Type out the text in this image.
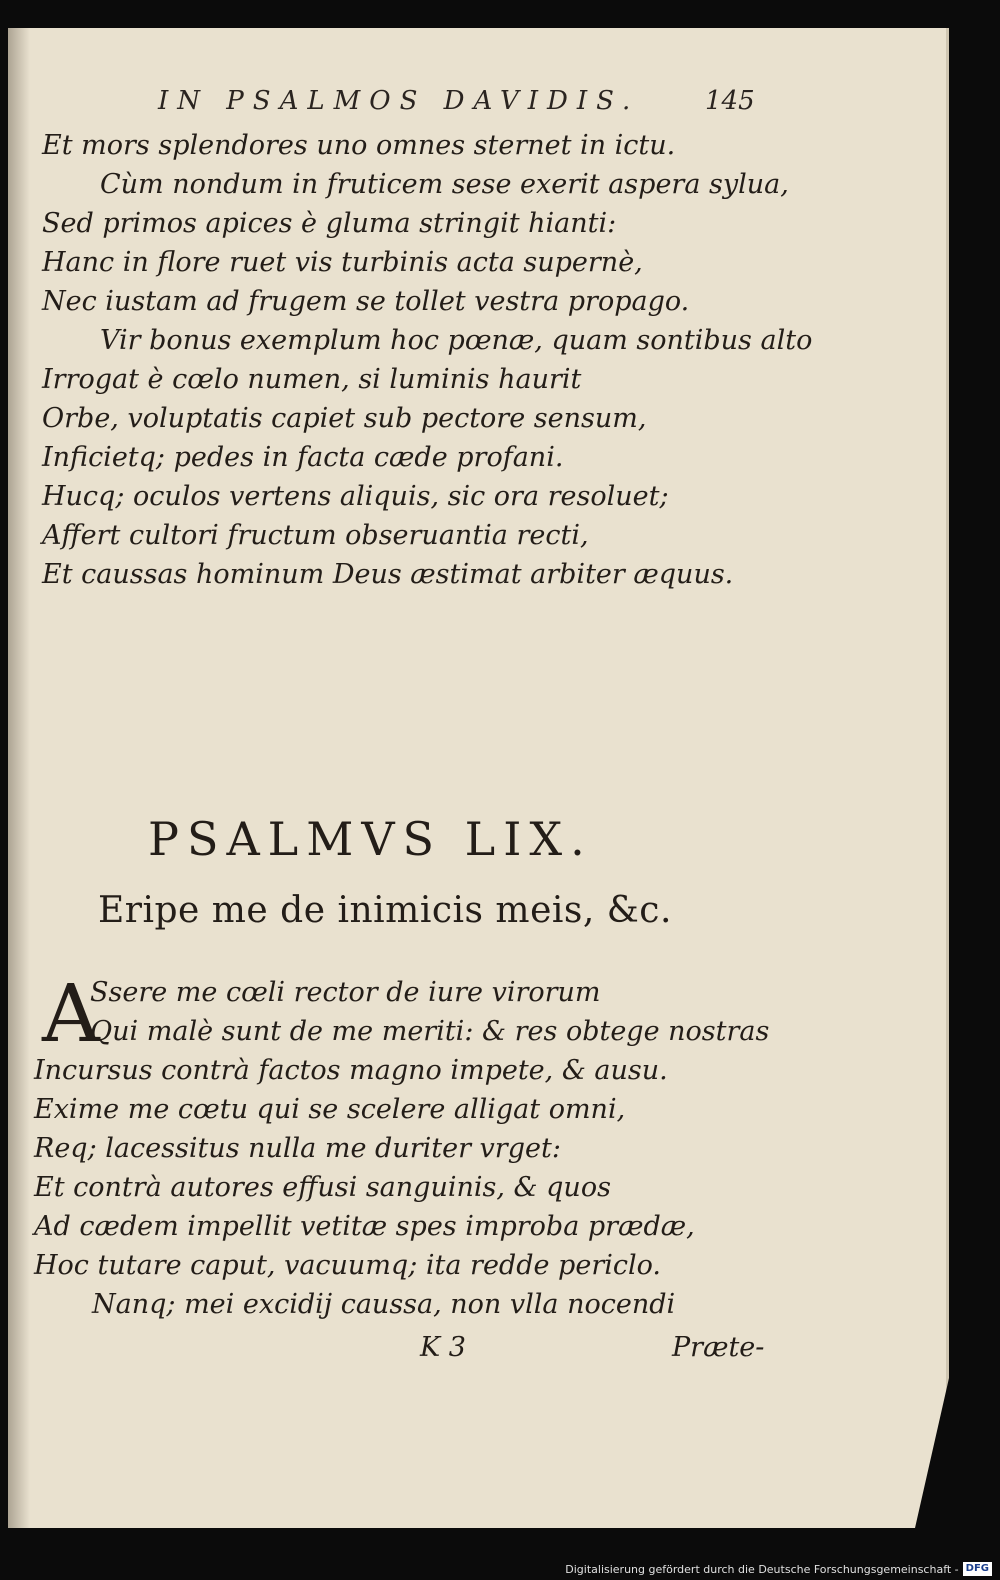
IN PSALMOS DAVIDIS.	145
Et mors splendores uno omnes sternet in ictu.
Cùm nondum in fruticem sese exerit aspera sylua,
Sed primos apices è gluma stringit hianti:
Hanc in flore ruet vis turbinis acta supernè,
Nec iustam ad frugem se tollet vestra propago.
Vir bonus exemplum hoc pœnæ, quam sontibus alto
Irrogat è cœlo numen, si luminis haurit
Orbe, voluptatis capiet sub pectore sensum,
Inficietq; pedes in facta cæde profani.
Hucq; oculos vertens aliquis, sic ora resoluet;
Affert cultori fructum obseruantia recti,
Et caussas hominum Deus æstimat arbiter æquus.
PSALMVS LIX.
Eripe me de inimicis meis, &c.
A
Ssere me cœli rector de iure virorum
Qui malè sunt de me meriti: & res obtege nostras
Incursus contrà factos magno impete, & ausu.
Exime me cœtu qui se scelere alligat omni,
Req; lacessitus nulla me duriter vrget:
Et contrà autores effusi sanguinis, & quos
Ad cædem impellit vetitæ spes improba prædæ,
Hoc tutare caput, vacuumq; ita redde periclo.
Nanq; mei excidij caussa, non vlla nocendi
K 3	Præte-
Digitalisierung gefördert durch die Deutsche Forschungsgemeinschaft - DFG
